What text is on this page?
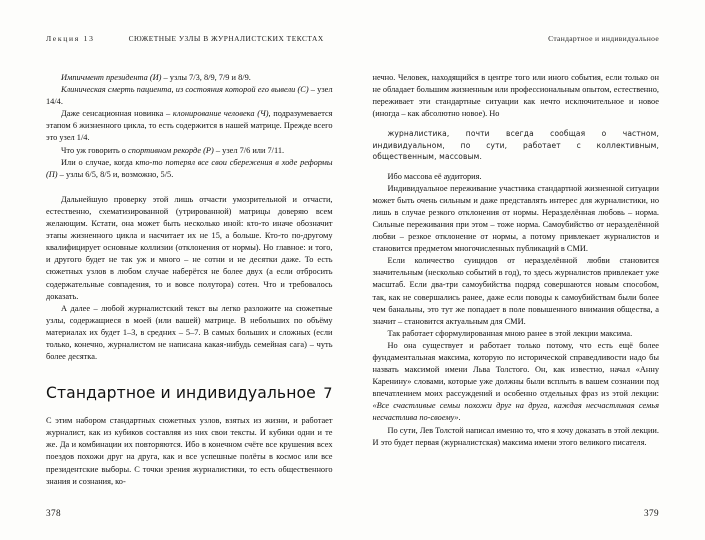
Лекция 13	СЮЖЕТНЫЕ УЗЛЫ В ЖУРНАЛИСТСКИХ ТЕКСТАХ

Импичмент президента (И) – узлы 7/3, 8/9, 7/9 и 8/9.

Клиническая смерть пациента, из состояния которой его вывели (С) – узел 14/4.

Даже сенсационная новинка – клонирование человека (Ч), подразумевается этапом 6 жизненного цикла, то есть содержится в нашей матрице. Прежде всего это узел 1/4.

Что уж говорить о спортивном рекорде (Р) – узел 7/6 или 7/11.

Или о случае, когда кто-то потерял все свои сбережения в ходе реформы (П) – узлы 6/5, 8/5 и, возможно, 5/5.

Дальнейшую проверку этой лишь отчасти умозрительной и отчасти, естественно, схематизированной (утрированной) матрицы доверяю всем желающим. Кстати, она может быть несколько иной: кто-то иначе обозначит этапы жизненного цикла и насчитает их не 15, а больше. Кто-то по-другому квалифицирует основные коллизии (отклонения от нормы). Но главное: и того, и другого будет не так уж и много – не сотни и не десятки даже. То есть сюжетных узлов в любом случае наберётся не более двух (а если отбросить содержательные совпадения, то и вовсе полутора) сотен. Что и требовалось доказать.

А далее – любой журналистский текст вы легко разложите на сюжетные узлы, содержащиеся в моей (или вашей) матрице. В небольших по объёму материалах их будет 1–3, в средних – 5–7. В самых больших и сложных (если только, конечно, журналистом не написана какая-нибудь семейная сага) – чуть более десятка.

Стандартное и индивидуальное 7

С этим набором стандартных сюжетных узлов, взятых из жизни, и работает журналист, как из кубиков составляя из них свои тексты. И кубики одни и те же. Да и комбинации их повторяются. Ибо в конечном счёте все крушения всех поездов похожи друг на друга, как и все успешные полёты в космос или все президентские выборы. С точки зрения журналистики, то есть общественного знания и сознания, ко-

378
Стандартное и индивидуальное

нечно. Человек, находящийся в центре того или иного события, если только он не обладает большим жизненным или профессиональным опытом, естественно, переживает эти стандартные ситуации как нечто исключительное и новое (иногда – как абсолютно новое). Но

журналистика, почти всегда сообщая о частном, индивидуальном, по сути, работает с коллективным, общественным, массовым.

Ибо массова её аудитория.

Индивидуальное переживание участника стандартной жизненной ситуации может быть очень сильным и даже представлять интерес для журналистики, но лишь в случае резкого отклонения от нормы. Неразделённая любовь – норма. Сильные переживания при этом – тоже норма. Самоубийство от неразделённой любви – резкое отклонение от нормы, а потому привлекает журналистов и становится предметом многочисленных публикаций в СМИ.

Если количество суицидов от неразделённой любви становится значительным (несколько событий в год), то здесь журналистов привлекает уже масштаб. Если два-три самоубийства подряд совершаются новым способом, так, как не совершались ранее, даже если поводы к самоубийствам были более чем банальны, это тут же попадает в поле повышенного внимания общества, а значит – становится актуальным для СМИ.

Так работает сформулированная мною ранее в этой лекции максима.

Но она существует и работает только потому, что есть ещё более фундаментальная максима, которую по исторической справедливости надо бы назвать максимой имени Льва Толстого. Он, как известно, начал «Анну Каренину» словами, которые уже должны были всплыть в вашем сознании под впечатлением моих рассуждений и особенно отдельных фраз из этой лекции: «Все счастливые семьи похожи друг на друга, каждая несчастливая семья несчастлива по-своему».

По сути, Лев Толстой написал именно то, что я хочу доказать в этой лекции. И это будет первая (журналистская) максима имени этого великого писателя.

379
